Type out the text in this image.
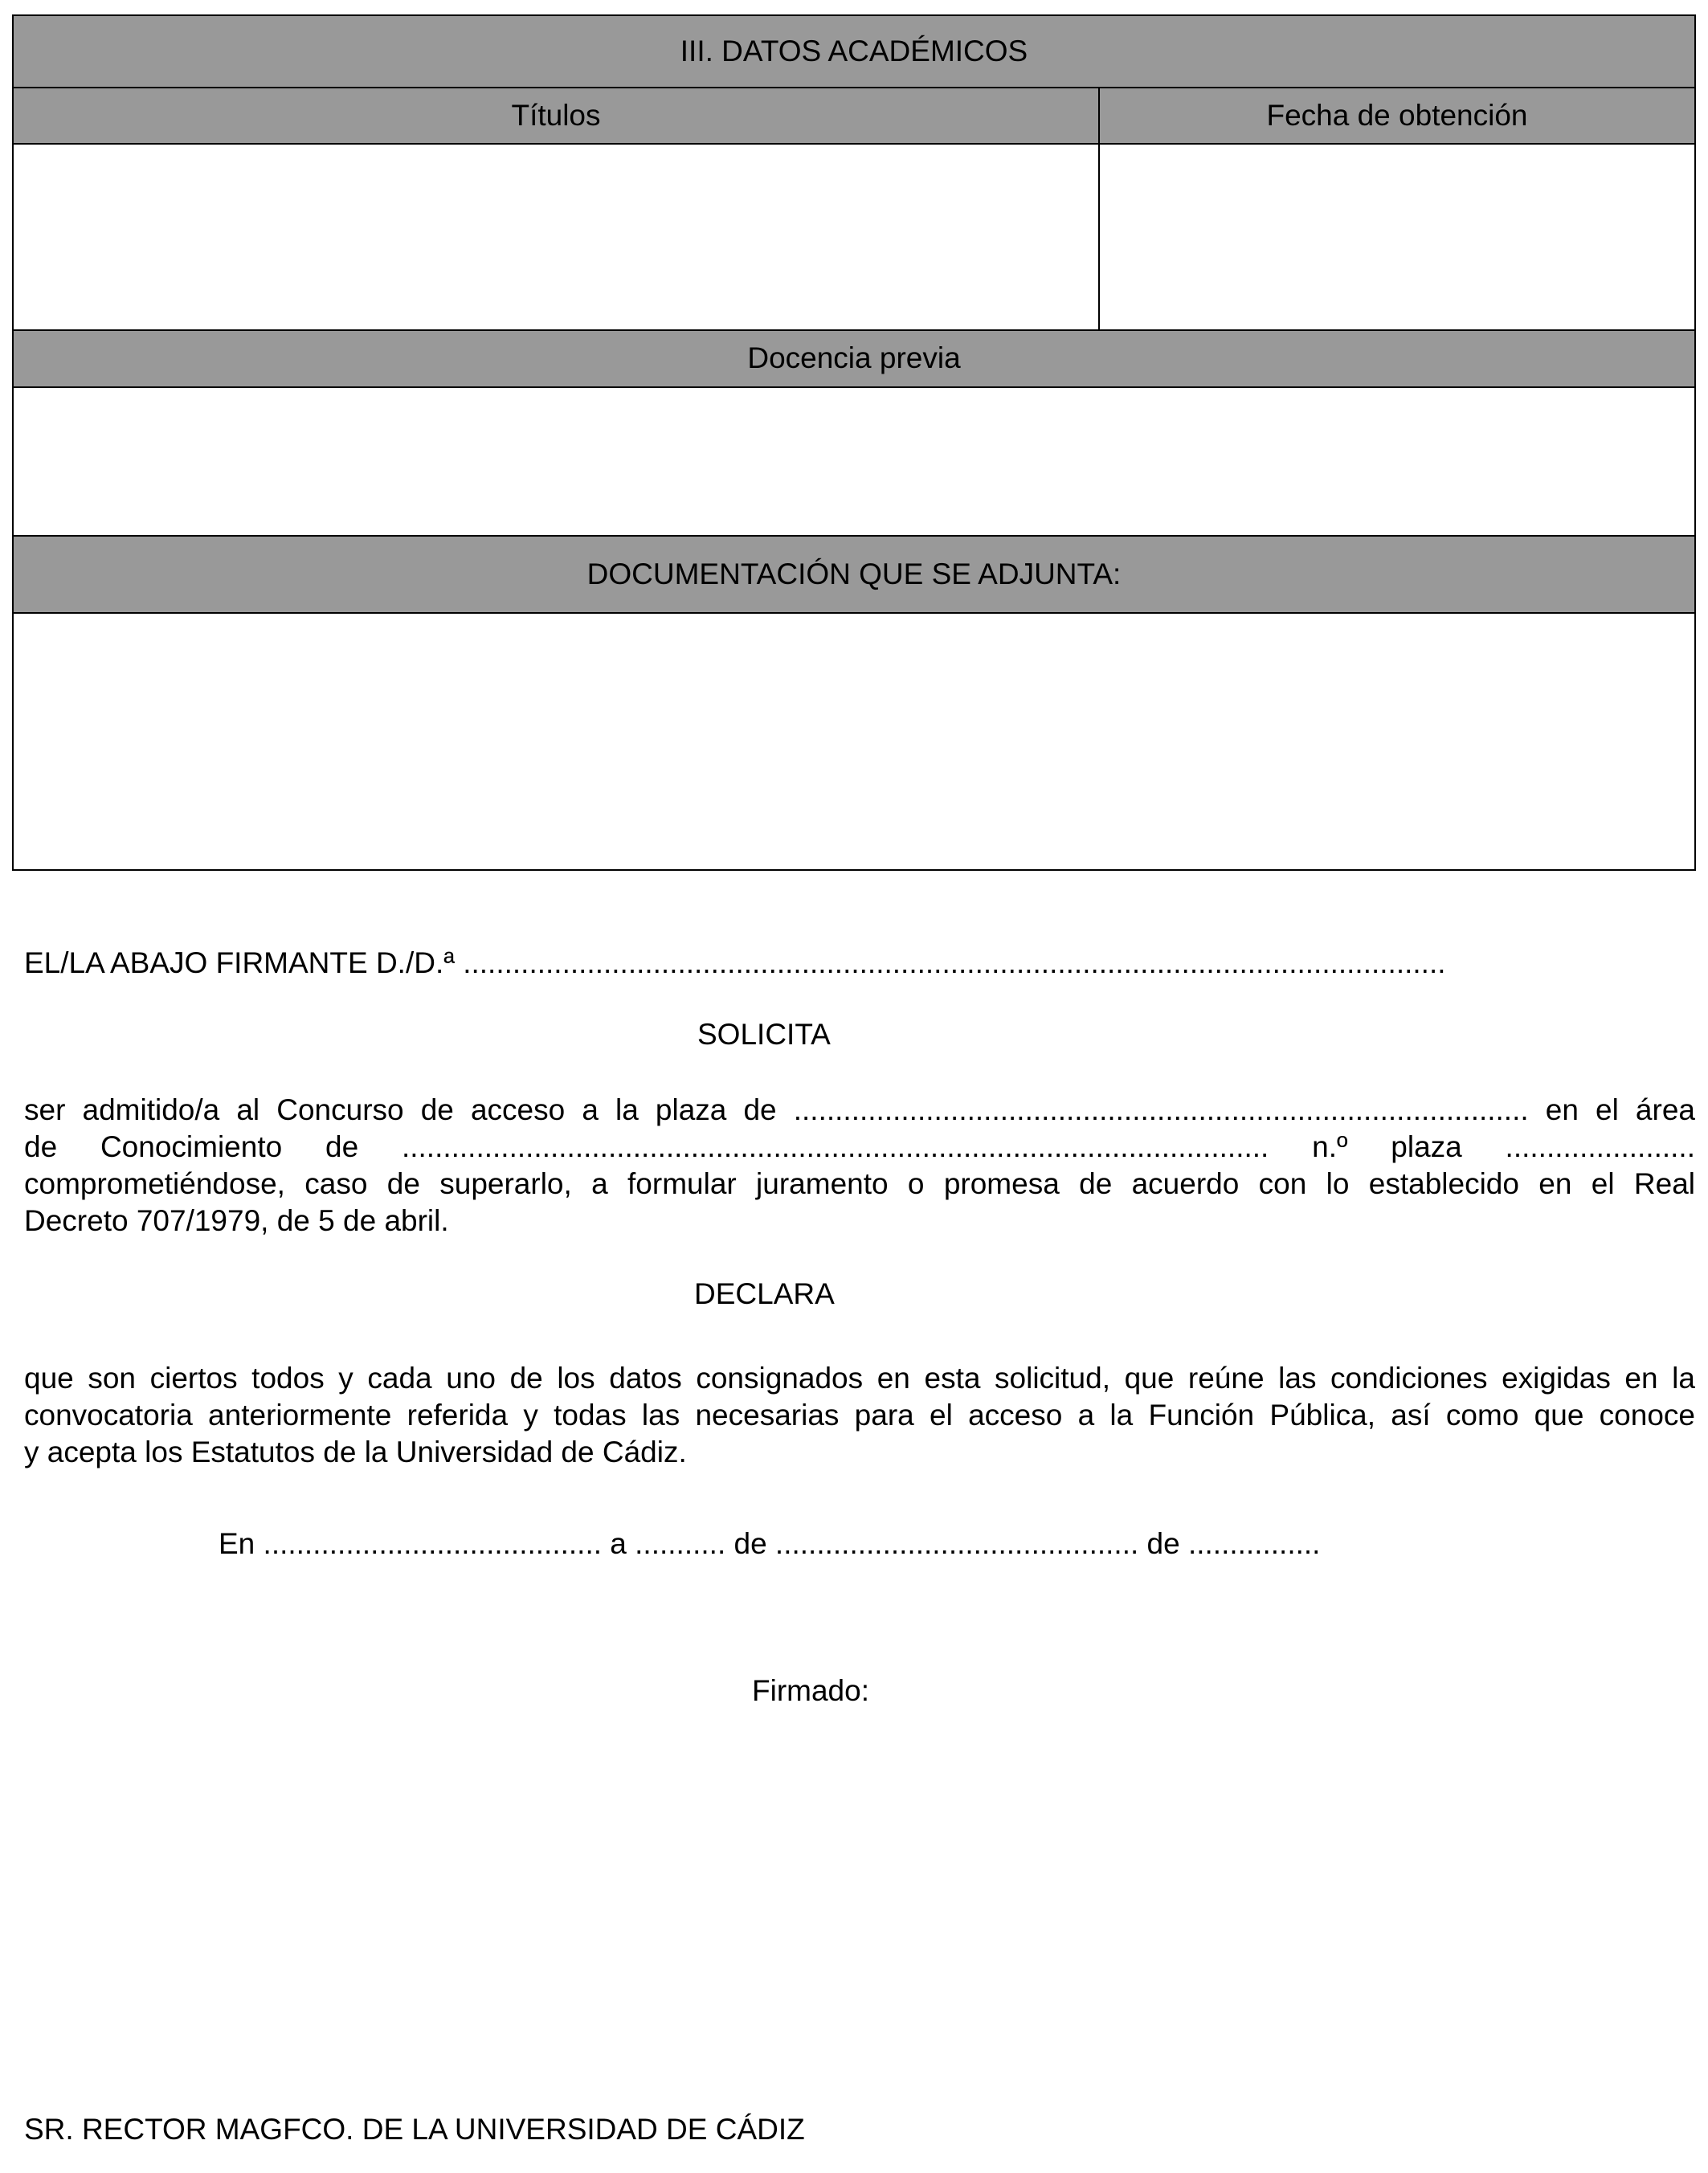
III. DATOS ACADÉMICOS	
Títulos	Fecha de obtención

Docencia previa	

DOCUMENTACIÓN QUE SE ADJUNTA:	

EL/LA ABAJO FIRMANTE D./D.ª .......................................................................................................................
SOLICITA
ser admitido/a al Concurso de acceso a la plaza de ......................................................................................... en el área
de Conocimiento de ......................................................................................................... n.º plaza .......................
comprometiéndose, caso de superarlo, a formular juramento o promesa de acuerdo con lo establecido en el Real
Decreto 707/1979, de 5 de abril.
DECLARA
que son ciertos todos y cada uno de los datos consignados en esta solicitud, que reúne las condiciones exigidas en la
convocatoria anteriormente referida y todas las necesarias para el acceso a la Función Pública, así como que conoce
y acepta los Estatutos de la Universidad de Cádiz.
En ......................................... a ........... de ............................................ de ................
Firmado:
SR. RECTOR MAGFCO. DE LA UNIVERSIDAD DE CÁDIZ
